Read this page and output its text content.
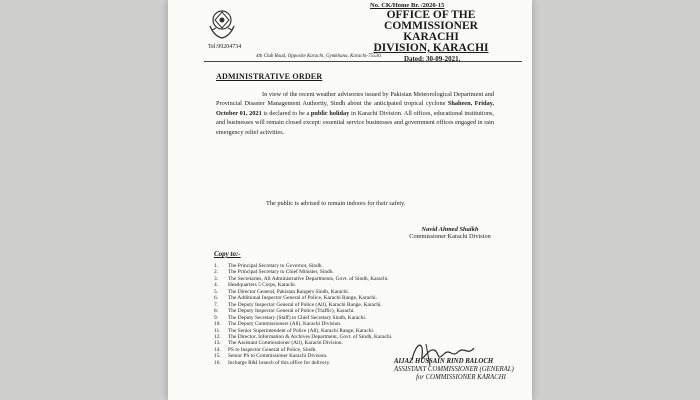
Tel:99204734
No. CK/Home Br. /2020-15
OFFICE OF THE
COMMISSIONER KARACHI
DIVISION, KARACHI
Dated: 30-09-2021.
4th Club Road, Opposite Karachi, Gymkhana, Karachi-75530.
ADMINISTRATIVE ORDER
In view of the recent weather advisories issued by Pakistan Meteorological Department and Provincial Disaster Management Authority, Sindh about the anticipated tropical cyclone Shaheen, Friday, October 01, 2021 is declared to be a public holiday in Karachi Division. All offices, educational institutions, and businesses will remain closed except: essential service businesses and government offices engaged in rain emergency relief activities.
The public is advised to remain indoors for their safety.
Navid Ahmed Shaikh
Commissioner Karachi Division
Copy to:-
1. The Principal Secretary to Governor, Sindh.
2. The Principal Secretary to Chief Minister, Sindh.
3. The Secretaries, All Administrative Departments, Govt. of Sindh, Karachi.
4. Headquarters 5 Corps, Karachi.
5. The Director General, Pakistan Rangers Sindh, Karachi.
6. The Additional Inspector General of Police, Karachi Range, Karachi.
7. The Deputy Inspector General of Police (All), Karachi Range, Karachi.
8. The Deputy Inspector General of Police (Traffic), Karachi.
9. The Deputy Secretary (Staff) to Chief Secretary Sindh, Karachi.
10. The Deputy Commissioners (All), Karachi Division.
11. The Senior Superintendent of Police (All), Karachi Range, Karachi.
12. The Director, Information & Archives Department, Govt. of Sindh, Karachi.
13. The Assistant Commissioner (All), Karachi Division.
14. PS to Inspector General of Police, Sindh.
15. Senior PS to Commissioner Karachi Division.
16. Incharge R&I branch of this office for delivery.	AIJAZ HUSSAIN RIND BALOCH
ASSISTANT COMMISSIONER (GENERAL)
for COMMISSIONER KARACHI
